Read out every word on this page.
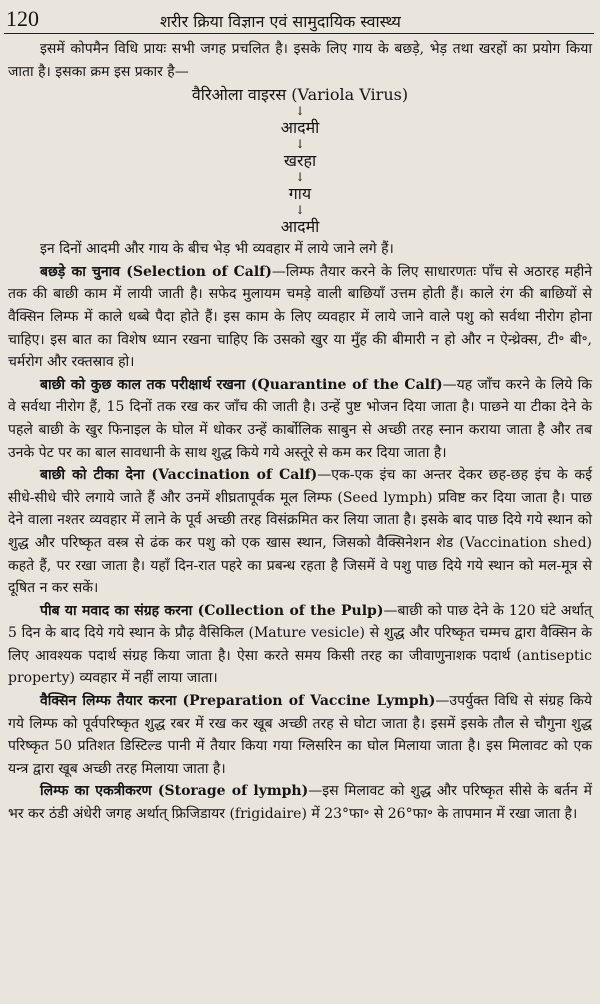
120	शरीर क्रिया विज्ञान एवं सामुदायिक स्वास्थ्य

इसमें कोपमैन विधि प्रायः सभी जगह प्रचलित है। इसके लिए गाय के बछड़े, भेड़ तथा खरहों का प्रयोग किया जाता है। इसका क्रम इस प्रकार है—

वैरिओला वाइरस (Variola Virus)
↓
आदमी
↓
खरहा
↓
गाय
↓
आदमी

इन दिनों आदमी और गाय के बीच भेड़ भी व्यवहार में लाये जाने लगे हैं।

बछड़े का चुनाव (Selection of Calf)—लिम्फ तैयार करने के लिए साधारणतः पाँच से अठारह महीने तक की बाछी काम में लायी जाती है। सफेद मुलायम चमड़े वाली बाछियाँ उत्तम होती हैं। काले रंग की बाछियों से वैक्सिन लिम्फ में काले धब्बे पैदा होते हैं। इस काम के लिए व्यवहार में लाये जाने वाले पशु को सर्वथा नीरोग होना चाहिए। इस बात का विशेष ध्यान रखना चाहिए कि उसको खुर या मुँह की बीमारी न हो और न ऐन्थ्रेक्स, टी॰ बी॰, चर्मरोग और रक्तस्राव हो।

बाछी को कुछ काल तक परीक्षार्थ रखना (Quarantine of the Calf)—यह जाँच करने के लिये कि वे सर्वथा नीरोग हैं, 15 दिनों तक रख कर जाँच की जाती है। उन्हें पुष्ट भोजन दिया जाता है। पाछने या टीका देने के पहले बाछी के खुर फिनाइल के घोल में धोकर उन्हें कार्बोलिक साबुन से अच्छी तरह स्नान कराया जाता है और तब उनके पेट पर का बाल सावधानी के साथ शुद्ध किये गये अस्तूरे से कम कर दिया जाता है।

बाछी को टीका देना (Vaccination of Calf)—एक-एक इंच का अन्तर देकर छह-छह इंच के कई सीधे-सीधे चीरे लगाये जाते हैं और उनमें शीघ्रतापूर्वक मूल लिम्फ (Seed lymph) प्रविष्ट कर दिया जाता है। पाछ देने वाला नश्तर व्यवहार में लाने के पूर्व अच्छी तरह विसंक्रमित कर लिया जाता है। इसके बाद पाछ दिये गये स्थान को शुद्ध और परिष्कृत वस्त्र से ढंक कर पशु को एक खास स्थान, जिसको वैक्सिनेशन शेड (Vaccination shed) कहते हैं, पर रखा जाता है। यहाँ दिन-रात पहरे का प्रबन्ध रहता है जिसमें वे पशु पाछ दिये गये स्थान को मल-मूत्र से दूषित न कर सकें।

पीब या मवाद का संग्रह करना (Collection of the Pulp)—बाछी को पाछ देने के 120 घंटे अर्थात् 5 दिन के बाद दिये गये स्थान के प्रौढ़ वैसिकिल (Mature vesicle) से शुद्ध और परिष्कृत चम्मच द्वारा वैक्सिन के लिए आवश्यक पदार्थ संग्रह किया जाता है। ऐसा करते समय किसी तरह का जीवाणुनाशक पदार्थ (antiseptic property) व्यवहार में नहीं लाया जाता।

वैक्सिन लिम्फ तैयार करना (Preparation of Vaccine Lymph)—उपर्युक्त विधि से संग्रह किये गये लिम्फ को पूर्वपरिष्कृत शुद्ध रबर में रख कर खूब अच्छी तरह से घोटा जाता है। इसमें इसके तौल से चौगुना शुद्ध परिष्कृत 50 प्रतिशत डिस्टिल्ड पानी में तैयार किया गया ग्लिसरिन का घोल मिलाया जाता है। इस मिलावट को एक यन्त्र द्वारा खूब अच्छी तरह मिलाया जाता है।

लिम्फ का एकत्रीकरण (Storage of lymph)—इस मिलावट को शुद्ध और परिष्कृत सीसे के बर्तन में भर कर ठंडी अंधेरी जगह अर्थात् फ्रिजिडायर (frigidaire) में 23°फा॰ से 26°फा॰ के तापमान में रखा जाता है।
